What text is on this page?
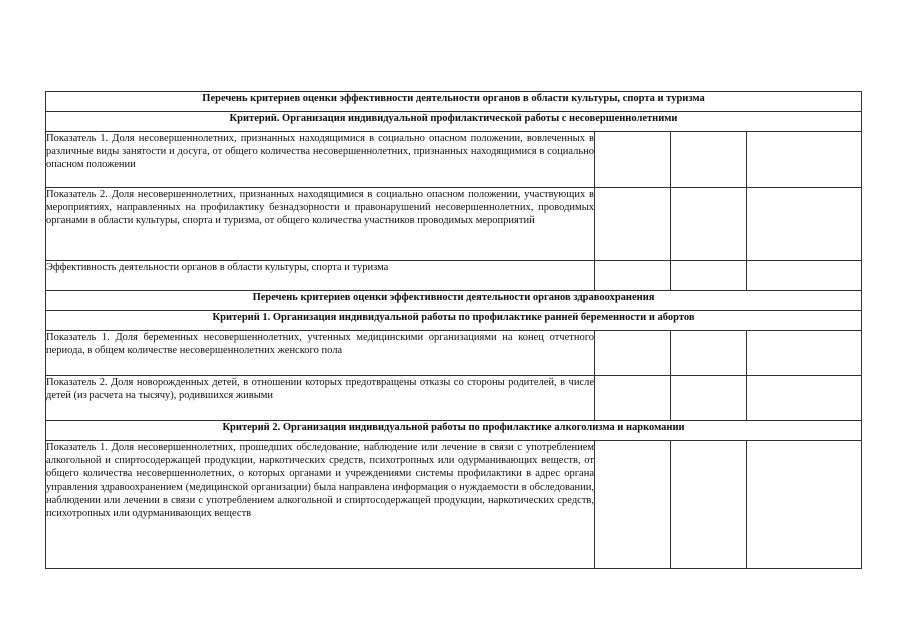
Перечень критериев оценки эффективности деятельности органов в области культуры, спорта и туризма			
Критерий. Организация индивидуальной профилактической работы с несовершеннолетними			
Показатель 1. Доля несовершеннолетних, признанных находящимися в социально опасном положении, вовлеченных в различные виды занятости и досуга, от общего количества несовершеннолетних, признанных находящимися в социально опасном положении			
Показатель 2. Доля несовершеннолетних, признанных находящимися в социально опасном положении, участвующих в мероприятиях, направленных на профилактику безнадзорности и правонарушений несовершеннолетних, проводимых органами в области культуры, спорта и туризма, от общего количества участников проводимых мероприятий			
Эффективность деятельности органов в области культуры, спорта и туризма			
Перечень критериев оценки эффективности деятельности органов здравоохранения			
Критерий 1. Организация индивидуальной работы по профилактике ранней беременности и абортов			
Показатель 1. Доля беременных несовершеннолетних, учтенных медицинскими организациями на конец отчетного периода, в общем количестве несовершеннолетних женского пола			
Показатель 2. Доля новорожденных детей, в отношении которых предотвращены отказы со стороны родителей, в числе детей (из расчета на тысячу), родившихся живыми			
Критерий 2. Организация индивидуальной работы по профилактике алкоголизма и наркомании			
Показатель 1. Доля несовершеннолетних, прошедших обследование, наблюдение или лечение в связи с употреблением алкогольной и спиртосодержащей продукции, наркотических средств, психотропных или одурманивающих веществ, от общего количества несовершеннолетних, о которых органами и учреждениями системы профилактики в адрес органа управления здравоохранением (медицинской организации) была направлена информация о нуждаемости в обследовании, наблюдении или лечении в связи с употреблением алкогольной и спиртосодержащей продукции, наркотических средств, психотропных или одурманивающих веществ			
